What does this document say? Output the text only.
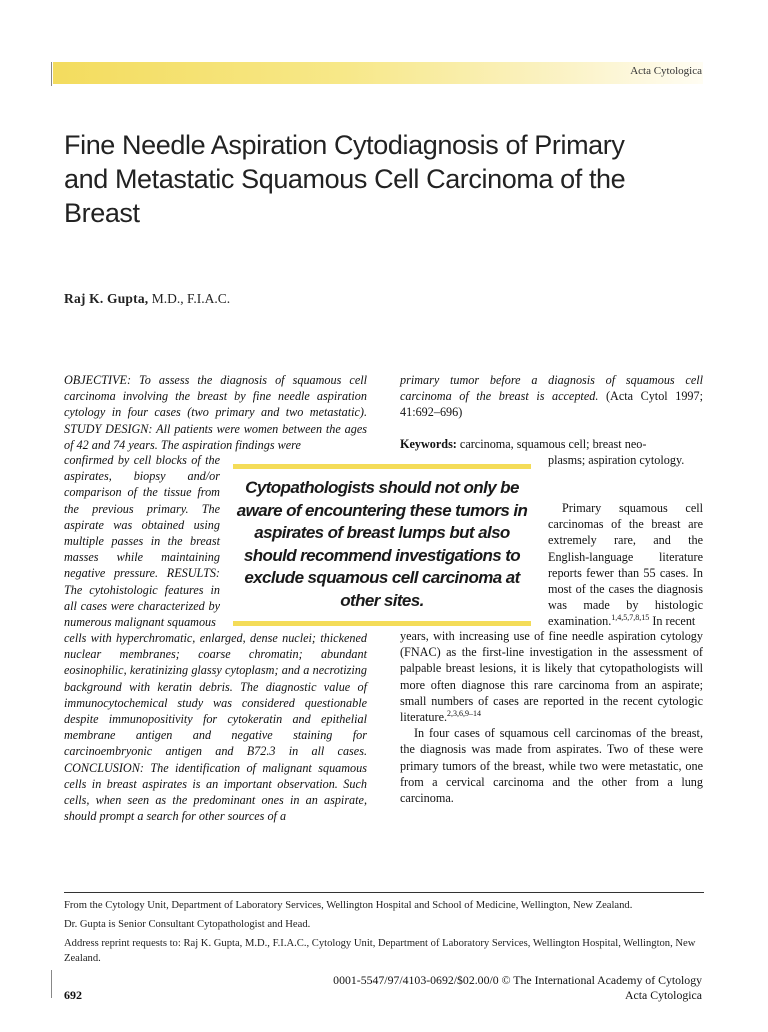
Acta Cytologica
Fine Needle Aspiration Cytodiagnosis of Primary and Metastatic Squamous Cell Carcinoma of the Breast
Raj K. Gupta, M.D., F.I.A.C.

OBJECTIVE: To assess the diagnosis of squamous cell carcinoma involving the breast by fine needle aspiration cytology in four cases (two primary and two metastatic). STUDY DESIGN: All patients were women between the ages of 42 and 74 years. The aspiration findings were

confirmed by cell blocks of the aspirates, biopsy and/or comparison of the tissue from the previous primary. The aspirate was obtained using multiple passes in the breast masses while maintaining negative pressure. RESULTS: The cytohistologic features in all cases were characterized by numerous malignant squamous

cells with hyperchromatic, enlarged, dense nuclei; thickened nuclear membranes; coarse chromatin; abundant eosinophilic, keratinizing glassy cytoplasm; and a necrotizing background with keratin debris. The diagnostic value of immunocytochemical study was considered questionable despite immunopositivity for cytokeratin and epithelial membrane antigen and negative staining for carcinoembryonic antigen and B72.3 in all cases. CONCLUSION: The identification of malignant squamous cells in breast aspirates is an important observation. Such cells, when seen as the predominant ones in an aspirate, should prompt a search for other sources of a

primary tumor before a diagnosis of squamous cell carcinoma of the breast is accepted. (Acta Cytol 1997; 41:692–696)
Keywords: carcinoma, squamous cell; breast neo-
plasms; aspiration cytology.
Cytopathologists should not only be aware of encountering these tumors in aspirates of breast lumps but also should recommend investigations to exclude squamous cell carcinoma at other sites.

Primary squamous cell carcinomas of the breast are extremely rare, and the English-language literature reports fewer than 55 cases. In most of the cases the diagnosis was made by histologic examination.$^{1,4,5,7,8,15}$ In recent

years, with increasing use of fine needle aspiration cytology (FNAC) as the first-line investigation in the assessment of palpable breast lesions, it is likely that cytopathologists will more often diagnose this rare carcinoma from an aspirate; small numbers of cases are reported in the recent cytologic literature.$^{2,3,6,9-14}$

In four cases of squamous cell carcinomas of the breast, the diagnosis was made from aspirates. Two of these were primary tumors of the breast, while two were metastatic, one from a cervical carcinoma and the other from a lung carcinoma.

From the Cytology Unit, Department of Laboratory Services, Wellington Hospital and School of Medicine, Wellington, New Zealand.
Dr. Gupta is Senior Consultant Cytopathologist and Head.
Address reprint requests to: Raj K. Gupta, M.D., F.I.A.C., Cytology Unit, Department of Laboratory Services, Wellington Hospital, Wellington, New Zealand.
692
0001-5547/97/4103-0692/$02.00/0 © The International Academy of Cytology
Acta Cytologica
